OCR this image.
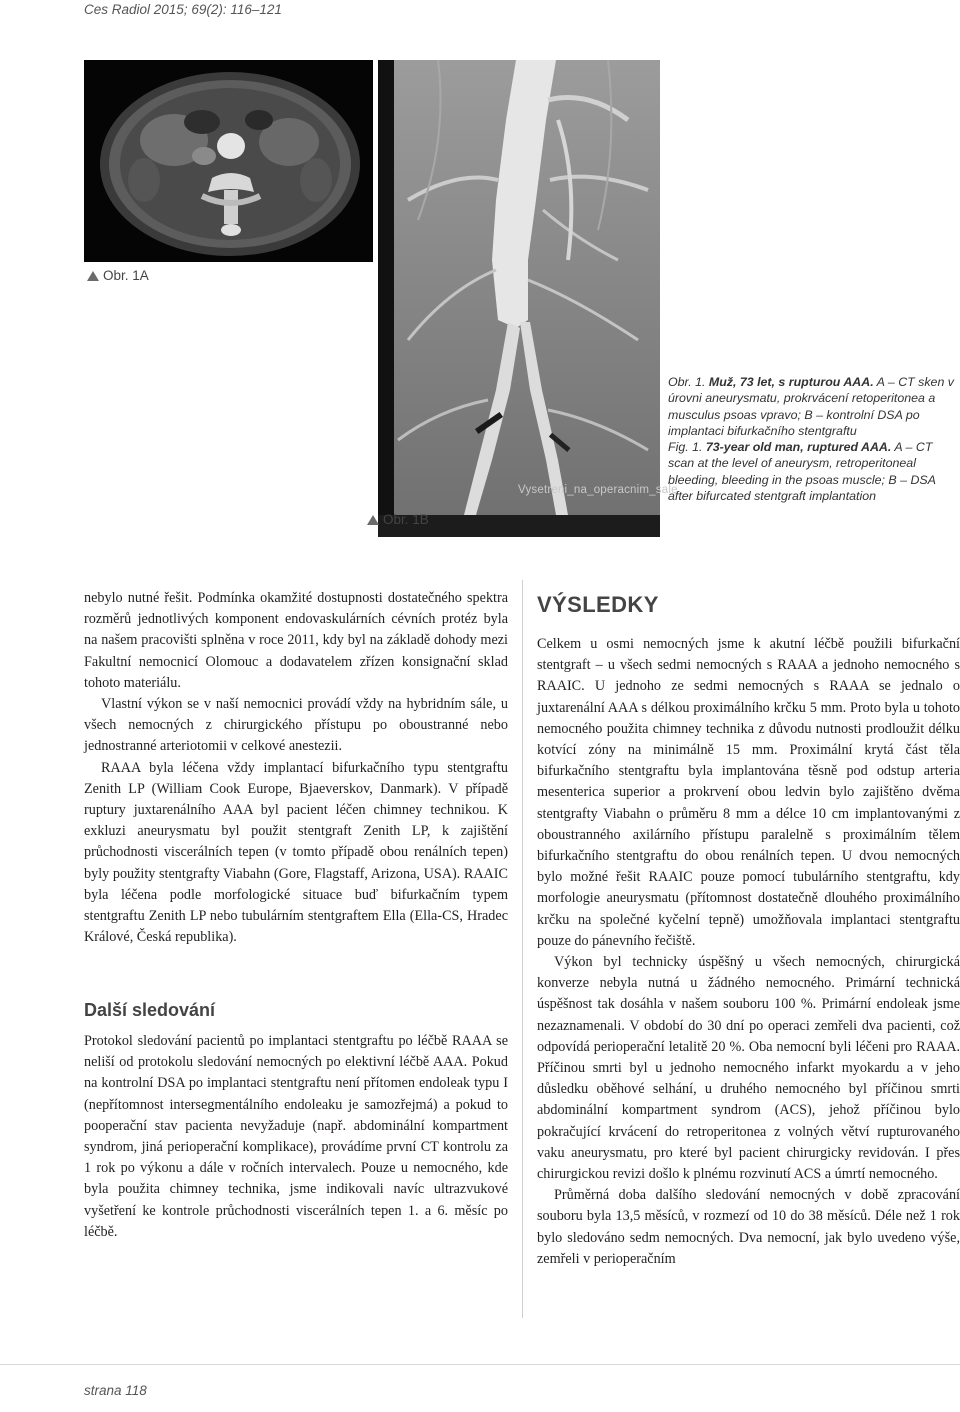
Ces Radiol 2015; 69(2): 116–121
Obr. 1A
Vysetreni_na_operacnim_sale
Obr. 1B

Obr. 1. Muž, 73 let, s rupturou AAA. A – CT sken v úrovni aneurysmatu, prokrvácení retoperitonea a musculus psoas vpravo; B – kontrolní DSA po implantaci bifurkačního stentgraftu

Fig. 1. 73-year old man, ruptured AAA. A – CT scan at the level of aneurysm, retroperitoneal bleeding, bleeding in the psoas muscle; B – DSA after bifurcated stentgraft implantation

nebylo nutné řešit. Podmínka okamžité dostupnosti dostatečného spektra rozměrů jednotlivých komponent endovaskulárních cévních protéz byla na našem pracovišti splněna v roce 2011, kdy byl na základě dohody mezi Fakultní nemocnicí Olomouc a dodavatelem zřízen konsignační sklad tohoto materiálu.

Vlastní výkon se v naší nemocnici provádí vždy na hybridním sále, u všech nemocných z chirurgického přístupu po oboustranné nebo jednostranné arteriotomii v celkové anestezii.

RAAA byla léčena vždy implantací bifurkačního typu stentgraftu Zenith LP (William Cook Europe, Bjaeverskov, Danmark). V případě ruptury juxtarenálního AAA byl pacient léčen chimney technikou. K exkluzi aneurysmatu byl použit stentgraft Zenith LP, k zajištění průchodnosti viscerálních tepen (v tomto případě obou renálních tepen) byly použity stentgrafty Viabahn (Gore, Flagstaff, Arizona, USA). RAAIC byla léčena podle morfologické situace buď bifurkačním typem stentgraftu Zenith LP nebo tubulárním stentgraftem Ella (Ella-CS, Hradec Králové, Česká republika).

Další sledování

Protokol sledování pacientů po implantaci stentgraftu po léčbě RAAA se neliší od protokolu sledování nemocných po elektivní léčbě AAA. Pokud na kontrolní DSA po implantaci stentgraftu není přítomen endoleak typu I (nepřítomnost intersegmentálního endoleaku je samozřejmá) a pokud to pooperační stav pacienta nevyžaduje (např. abdominální kompartment syndrom, jiná perioperační komplikace), provádíme první CT kontrolu za 1 rok po výkonu a dále v ročních intervalech. Pouze u nemocného, kde byla použita chimney technika, jsme indikovali navíc ultrazvukové vyšetření ke kontrole průchodnosti viscerálních tepen 1. a 6. měsíc po léčbě.

VÝSLEDKY

Celkem u osmi nemocných jsme k akutní léčbě použili bifurkační stentgraft – u všech sedmi nemocných s RAAA a jednoho nemocného s RAAIC. U jednoho ze sedmi nemocných s RAAA se jednalo o juxtarenální AAA s délkou proximálního krčku 5 mm. Proto byla u tohoto nemocného použita chimney technika z důvodu nutnosti prodloužit délku kotvící zóny na minimálně 15 mm. Proximální krytá část těla bifurkačního stentgraftu byla implantována těsně pod odstup arteria mesenterica superior a prokrvení obou ledvin bylo zajištěno dvěma stentgrafty Viabahn o průměru 8 mm a délce 10 cm implantovanými z oboustranného axilárního přístupu paralelně s proximálním tělem bifurkačního stentgraftu do obou renálních tepen. U dvou nemocných bylo možné řešit RAAIC pouze pomocí tubulárního stentgraftu, kdy morfologie aneurysmatu (přítomnost dostatečně dlouhého proximálního krčku na společné kyčelní tepně) umožňovala implantaci stentgraftu pouze do pánevního řečiště.

Výkon byl technicky úspěšný u všech nemocných, chirurgická konverze nebyla nutná u žádného nemocného. Primární technická úspěšnost tak dosáhla v našem souboru 100 %. Primární endoleak jsme nezaznamenali. V období do 30 dní po operaci zemřeli dva pacienti, což odpovídá perioperační letalitě 20 %. Oba nemocní byli léčeni pro RAAA. Příčinou smrti byl u jednoho nemocného infarkt myokardu a v jeho důsledku oběhové selhání, u druhého nemocného byl příčinou smrti abdominální kompartment syndrom (ACS), jehož příčinou bylo pokračující krvácení do retroperitonea z volných větví rupturovaného vaku aneurysmatu, pro které byl pacient chirurgicky revidován. I přes chirurgickou revizi došlo k plnému rozvinutí ACS a úmrtí nemocného.

Průměrná doba dalšího sledování nemocných v době zpracování souboru byla 13,5 měsíců, v rozmezí od 10 do 38 měsíců. Déle než 1 rok bylo sledováno sedm nemocných. Dva nemocní, jak bylo uvedeno výše, zemřeli v perioperačním

strana 118
